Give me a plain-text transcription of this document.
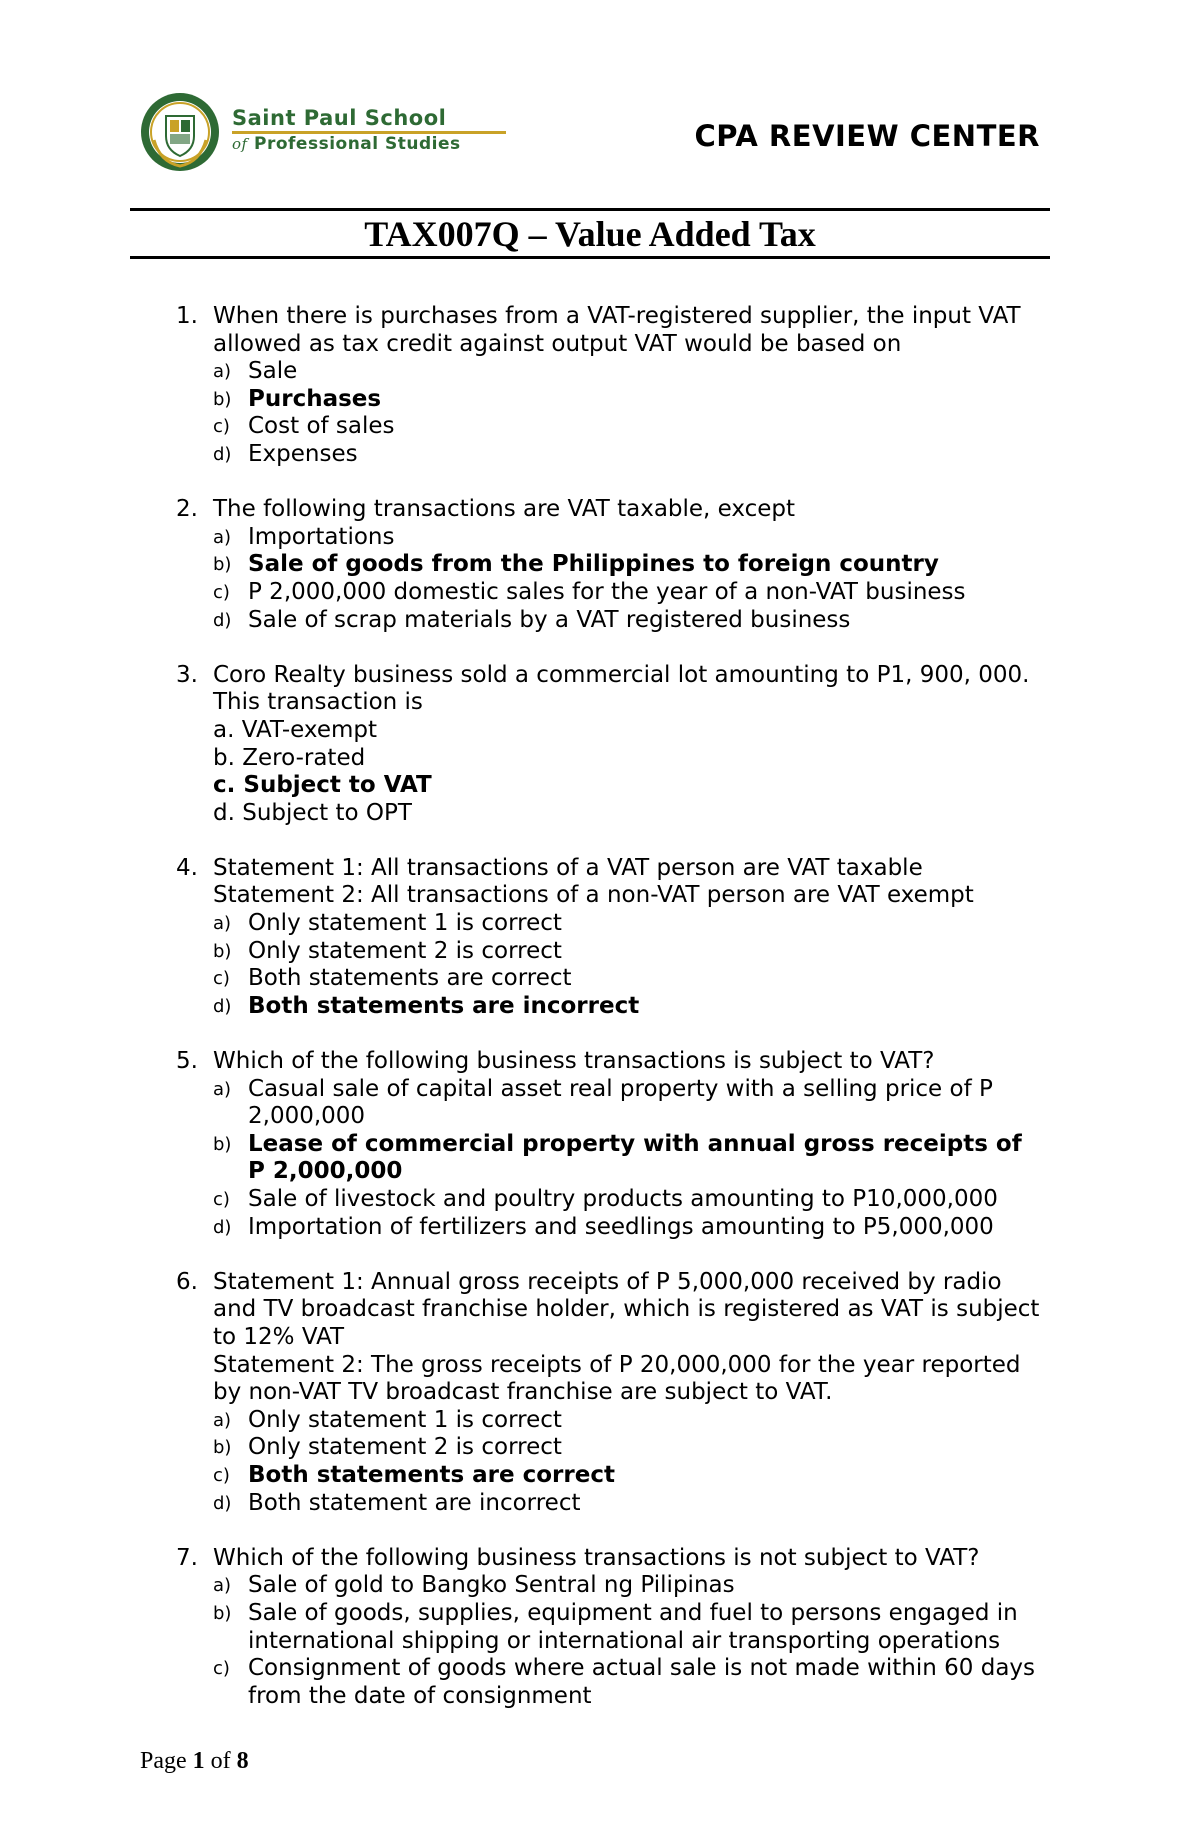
Saint Paul School
of Professional Studies	CPA REVIEW CENTER
TAX007Q – Value Added Tax
1. When there is purchases from a VAT-registered supplier, the input VAT
allowed as tax credit against output VAT would be based on
a) Sale
b) Purchases
c) Cost of sales
d) Expenses
2. The following transactions are VAT taxable, except
a) Importations
b) Sale of goods from the Philippines to foreign country
c) P 2,000,000 domestic sales for the year of a non-VAT business
d) Sale of scrap materials by a VAT registered business
3. Coro Realty business sold a commercial lot amounting to P1, 900, 000.
This transaction is
a. VAT-exempt
b. Zero-rated
c. Subject to VAT
d. Subject to OPT
4. Statement 1: All transactions of a VAT person are VAT taxable
Statement 2: All transactions of a non-VAT person are VAT exempt
a) Only statement 1 is correct
b) Only statement 2 is correct
c) Both statements are correct
d) Both statements are incorrect
5. Which of the following business transactions is subject to VAT?
a) Casual sale of capital asset real property with a selling price of P
2,000,000
b) Lease of commercial property with annual gross receipts of
P 2,000,000
c) Sale of livestock and poultry products amounting to P10,000,000
d) Importation of fertilizers and seedlings amounting to P5,000,000
6. Statement 1: Annual gross receipts of P 5,000,000 received by radio
and TV broadcast franchise holder, which is registered as VAT is subject
to 12% VAT
Statement 2: The gross receipts of P 20,000,000 for the year reported
by non-VAT TV broadcast franchise are subject to VAT.
a) Only statement 1 is correct
b) Only statement 2 is correct
c) Both statements are correct
d) Both statement are incorrect
7. Which of the following business transactions is not subject to VAT?
a) Sale of gold to Bangko Sentral ng Pilipinas
b) Sale of goods, supplies, equipment and fuel to persons engaged in
international shipping or international air transporting operations
c) Consignment of goods where actual sale is not made within 60 days
from the date of consignment
Page 1 of 8
